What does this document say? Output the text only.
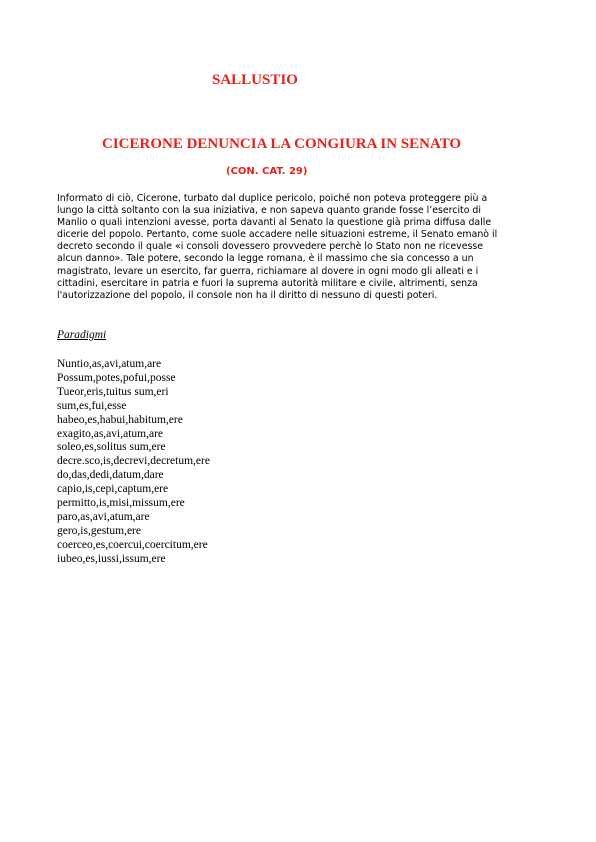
SALLUSTIO
CICERONE DENUNCIA LA CONGIURA IN SENATO

(CON. CAT. 29)

Informato di ciò, Cicerone, turbato dal duplice pericolo, poiché non poteva proteggere più a
lungo la città soltanto con la sua iniziativa, e non sapeva quanto grande fosse l’esercito di
Manlio o quali intenzioni avesse, porta davanti al Senato la questione già prima diffusa dalle
dicerie del popolo. Pertanto, come suole accadere nelle situazioni estreme, il Senato emanò il
decreto secondo il quale «i consoli dovessero provvedere perchè lo Stato non ne ricevesse
alcun danno». Tale potere, secondo la legge romana, è il massimo che sia concesso a un
magistrato, levare un esercito, far guerra, richiamare al dovere in ogni modo gli alleati e i
cittadini, esercitare in patria e fuori la suprema autorità militare e civile, altrimenti, senza
l'autorizzazione del popolo, il console non ha il diritto di nessuno di questi poteri.

Paradigmi

Nuntio,as,avi,atum,are
Possum,potes,pofui,posse
Tueor,eris,tuitus sum,eri
sum,es,fui,esse
habeo,es,habui,habitum,ere
exagito,as,avi,atum,are
soleo,es,solitus sum,ere
decre.sco,is,decrevi,decretum,ere
do,das,dedi,datum,dare
capio,is,cepi,captum,ere
permitto,is,misi,missum,ere
paro,as,avi,atum,are
gero,is,gestum,ere
coerceo,es,coercui,coercitum,ere
iubeo,es,iussi,issum,ere
